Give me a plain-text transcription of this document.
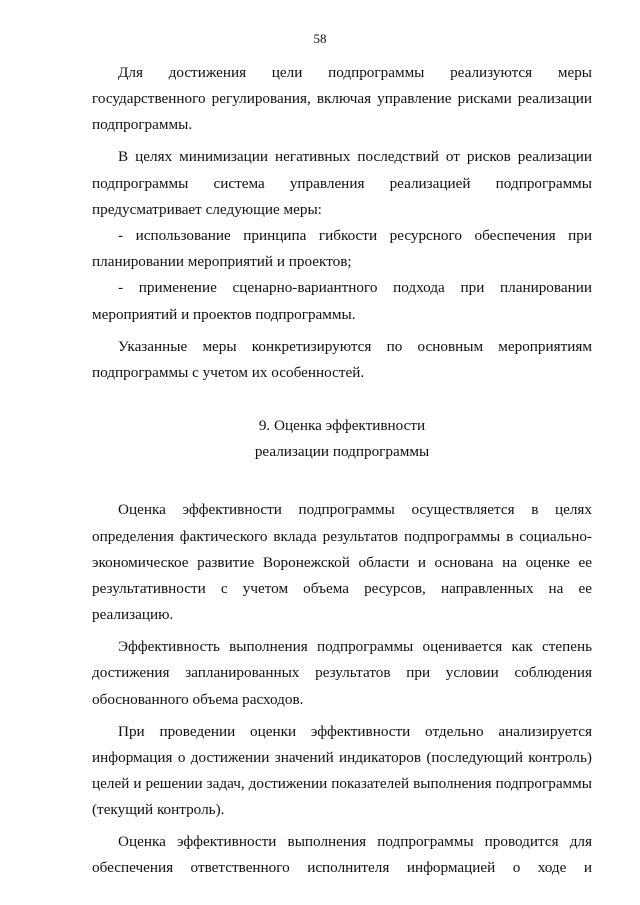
58

Для достижения цели подпрограммы реализуются меры

государственного регулирования, включая управление рисками реализации

подпрограммы.

В целях минимизации негативных последствий от рисков реализации

подпрограммы система управления реализацией подпрограммы

предусматривает следующие меры:

- использование принципа гибкости ресурсного обеспечения при

планировании мероприятий и проектов;

- применение сценарно-вариантного подхода при планировании

мероприятий и проектов подпрограммы.

Указанные меры конкретизируются по основным мероприятиям

подпрограммы с учетом их особенностей.

9. Оценка эффективности

реализации подпрограммы

Оценка эффективности подпрограммы осуществляется в целях

определения фактического вклада результатов подпрограммы в социально-

экономическое развитие Воронежской области и основана на оценке ее

результативности с учетом объема ресурсов, направленных на ее

реализацию.

Эффективность выполнения подпрограммы оценивается как степень

достижения запланированных результатов при условии соблюдения

обоснованного объема расходов.

При проведении оценки эффективности отдельно анализируется

информация о достижении значений индикаторов (последующий контроль)

целей и решении задач, достижении показателей выполнения подпрограммы

(текущий контроль).

Оценка эффективности выполнения подпрограммы проводится для

обеспечения ответственного исполнителя информацией о ходе и
